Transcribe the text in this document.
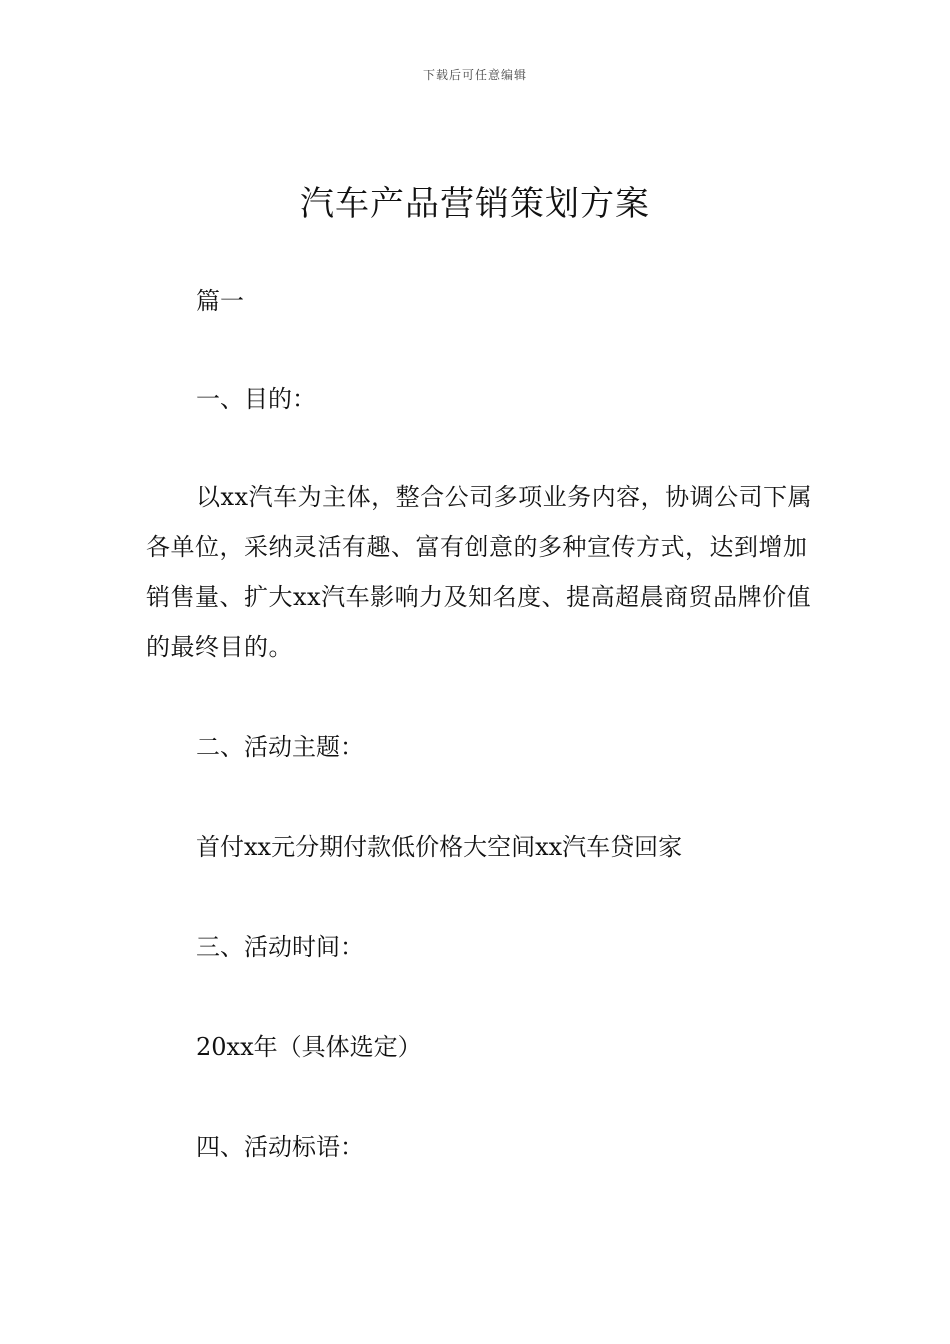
下载后可任意编辑
汽车产品营销策划方案
篇一
一、目的：

以xx汽车为主体，整合公司多项业务内容，协调公司下属各单位，采纳灵活有趣、富有创意的多种宣传方式，达到增加销售量、扩大xx汽车影响力及知名度、提高超晨商贸品牌价值的最终目的。

二、活动主题：
首付xx元分期付款低价格大空间xx汽车贷回家
三、活动时间：
20xx年（具体选定）
四、活动标语：
